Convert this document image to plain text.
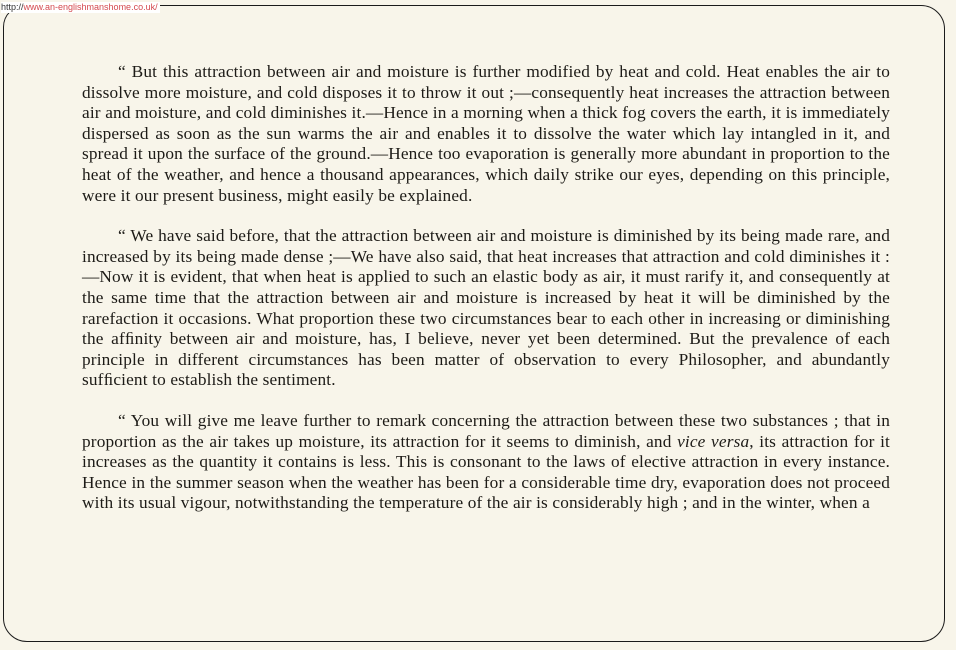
http://www.an-englishmanshome.co.uk/

“ But this attraction between air and moisture is further modified by heat and cold. Heat enables the air to dissolve more moisture, and cold disposes it to throw it out ;—consequently heat increases the attraction between air and moisture, and cold diminishes it.—Hence in a morning when a thick fog covers the earth, it is immediately dispersed as soon as the sun warms the air and enables it to dissolve the water which lay intangled in it, and spread it upon the surface of the ground.—Hence too evaporation is generally more abundant in proportion to the heat of the weather, and hence a thousand appearances, which daily strike our eyes, depending on this principle, were it our present business, might easily be explained.

“ We have said before, that the attraction between air and moisture is diminished by its being made rare, and increased by its being made dense ;—We have also said, that heat increases that attraction and cold diminishes it :—Now it is evident, that when heat is applied to such an elastic body as air, it must rarify it, and consequently at the same time that the attraction between air and moisture is increased by heat it will be diminished by the rarefaction it occasions. What proportion these two circumstances bear to each other in increasing or diminishing the afﬁnity between air and moisture, has, I believe, never yet been determined. But the prevalence of each principle in different circumstances has been matter of observation to every Philosopher, and abundantly sufﬁcient to establish the sentiment.

“ You will give me leave further to remark concerning the attraction between these two substances ; that in proportion as the air takes up moisture, its attraction for it seems to diminish, and vice versa, its attraction for it increases as the quantity it contains is less. This is consonant to the laws of elective attraction in every instance. Hence in the summer season when the weather has been for a considerable time dry, evaporation does not proceed with its usual vigour, notwithstanding the temperature of the air is considerably high ; and in the winter, when a
